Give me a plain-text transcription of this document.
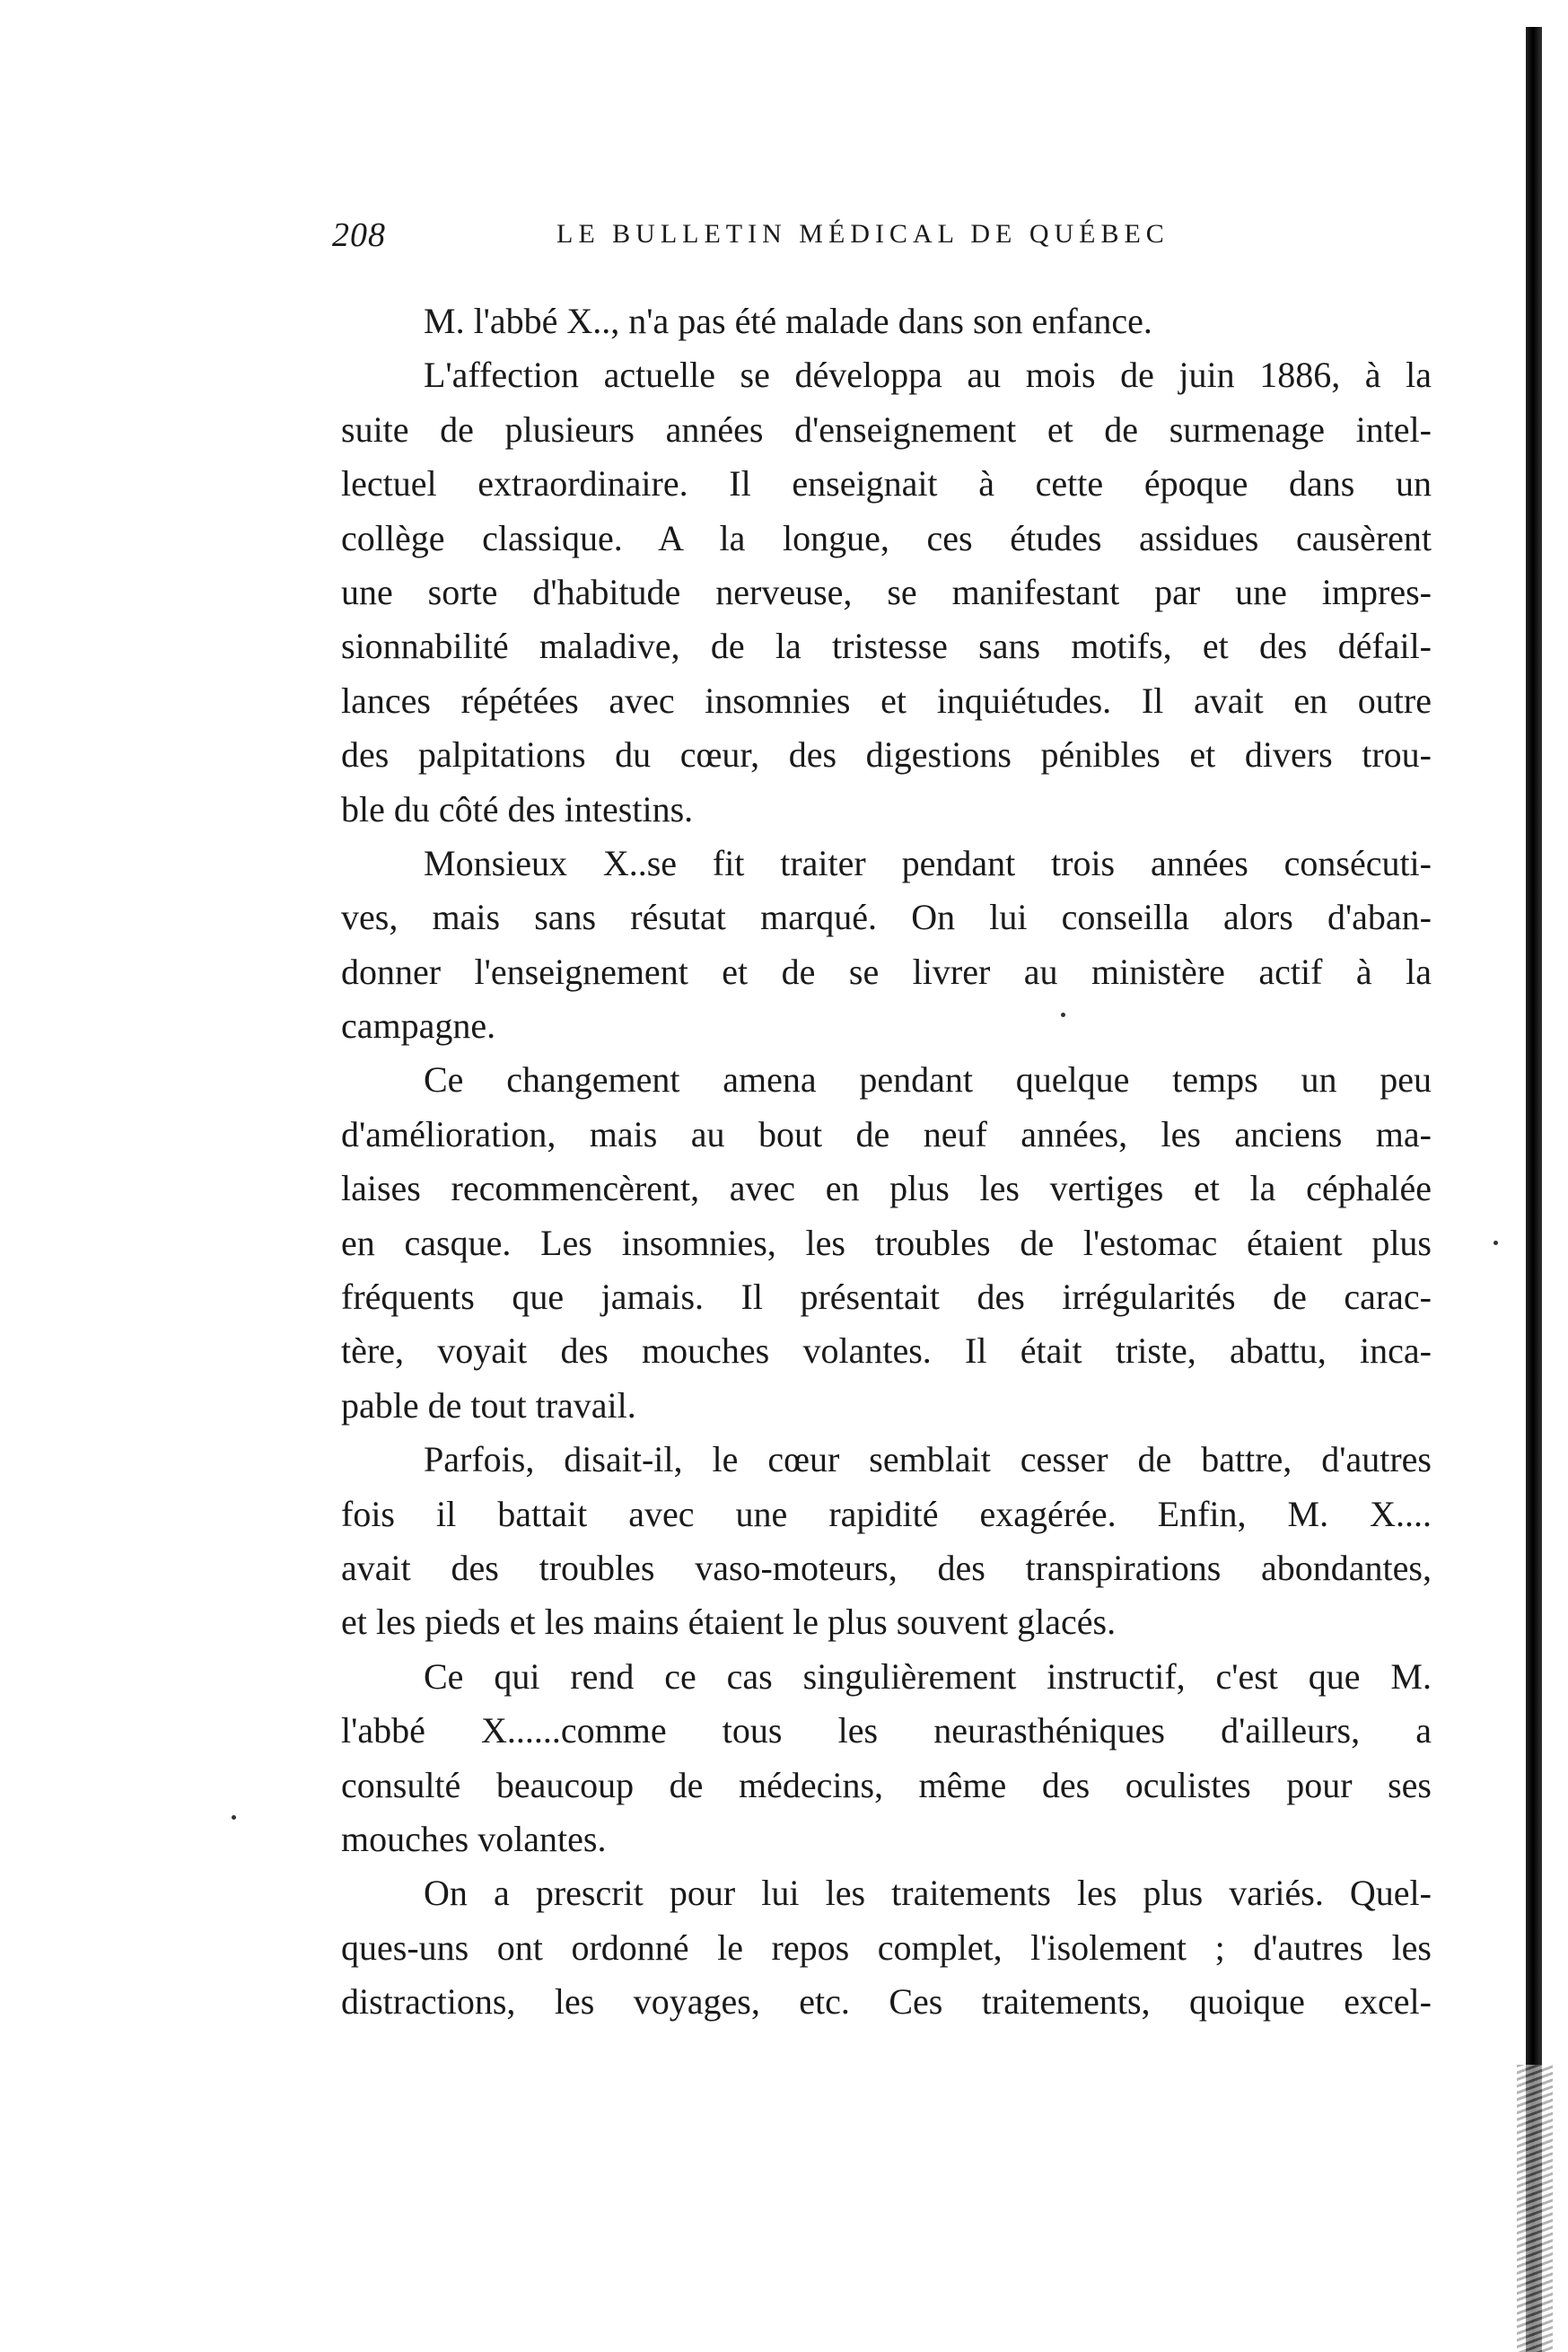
208	LE BULLETIN MÉDICAL DE QUÉBEC
M. l'abbé X.., n'a pas été malade dans son enfance.
L'affection actuelle se développa au mois de juin 1886, à la
suite de plusieurs années d'enseignement et de surmenage intel-
lectuel extraordinaire. Il enseignait à cette époque dans un
collège classique. A la longue, ces études assidues causèrent
une sorte d'habitude nerveuse, se manifestant par une impres-
sionnabilité maladive, de la tristesse sans motifs, et des défail-
lances répétées avec insomnies et inquiétudes. Il avait en outre
des palpitations du cœur, des digestions pénibles et divers trou-
ble du côté des intestins.
Monsieux X..se fit traiter pendant trois années consécuti-
ves, mais sans résutat marqué. On lui conseilla alors d'aban-
donner l'enseignement et de se livrer au ministère actif à la
campagne.
Ce changement amena pendant quelque temps un peu
d'amélioration, mais au bout de neuf années, les anciens ma-
laises recommencèrent, avec en plus les vertiges et la céphalée
en casque. Les insomnies, les troubles de l'estomac étaient plus
fréquents que jamais. Il présentait des irrégularités de carac-
tère, voyait des mouches volantes. Il était triste, abattu, inca-
pable de tout travail.
Parfois, disait-il, le cœur semblait cesser de battre, d'autres
fois il battait avec une rapidité exagérée. Enfin, M. X....
avait des troubles vaso-moteurs, des transpirations abondantes,
et les pieds et les mains étaient le plus souvent glacés.
Ce qui rend ce cas singulièrement instructif, c'est que M.
l'abbé X......comme tous les neurasthéniques d'ailleurs, a
consulté beaucoup de médecins, même des oculistes pour ses
mouches volantes.
On a prescrit pour lui les traitements les plus variés. Quel-
ques-uns ont ordonné le repos complet, l'isolement ; d'autres les
distractions, les voyages, etc. Ces traitements, quoique excel-
